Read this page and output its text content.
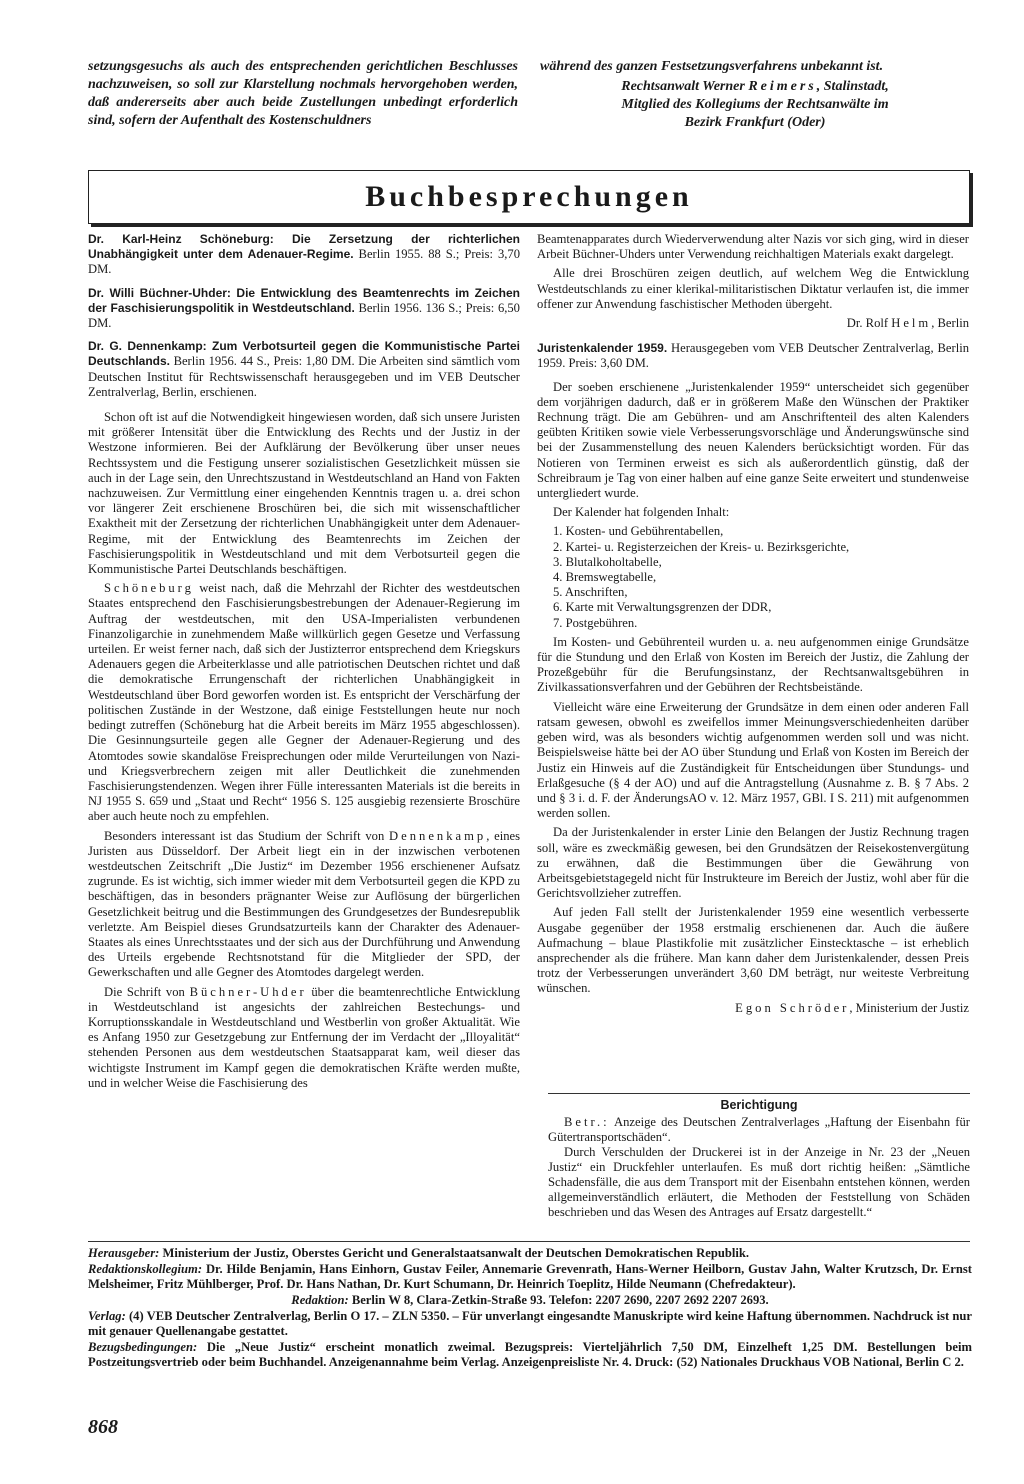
setzungsgesuchs als auch des entsprechenden gerichtlichen Beschlusses nachzuweisen, so soll zur Klarstellung nochmals hervorgehoben werden, daß andererseits aber auch beide Zustellungen unbedingt erforderlich sind, sofern der Aufenthalt des Kostenschuldners

während des ganzen Festsetzungsverfahrens unbekannt ist.

Rechtsanwalt Werner Reimers, Stalinstadt,
Mitglied des Kollegiums der Rechtsanwälte im
Bezirk Frankfurt (Oder)
Buchbesprechungen

Dr. Karl-Heinz Schöneburg: Die Zersetzung der richterlichen Unabhängigkeit unter dem Adenauer-Regime. Berlin 1955. 88 S.; Preis: 3,70 DM.

Dr. Willi Büchner-Uhder: Die Entwicklung des Beamtenrechts im Zeichen der Faschisierungspolitik in Westdeutschland. Berlin 1956. 136 S.; Preis: 6,50 DM.

Dr. G. Dennenkamp: Zum Verbotsurteil gegen die Kommunistische Partei Deutschlands. Berlin 1956. 44 S., Preis: 1,80 DM. Die Arbeiten sind sämtlich vom Deutschen Institut für Rechtswissenschaft herausgegeben und im VEB Deutscher Zentralverlag, Berlin, erschienen.

Schon oft ist auf die Notwendigkeit hingewiesen worden, daß sich unsere Juristen mit größerer Intensität über die Entwicklung des Rechts und der Justiz in der Westzone informieren. Bei der Aufklärung der Bevölkerung über unser neues Rechtssystem und die Festigung unserer sozialistischen Gesetzlichkeit müssen sie auch in der Lage sein, den Unrechtszustand in Westdeutschland an Hand von Fakten nachzuweisen. Zur Vermittlung einer eingehenden Kenntnis tragen u. a. drei schon vor längerer Zeit erschienene Broschüren bei, die sich mit wissenschaftlicher Exaktheit mit der Zersetzung der richterlichen Unabhängigkeit unter dem Adenauer-Regime, mit der Entwicklung des Beamtenrechts im Zeichen der Faschisierungspolitik in Westdeutschland und mit dem Verbotsurteil gegen die Kommunistische Partei Deutschlands beschäftigen.

Schöneburg weist nach, daß die Mehrzahl der Richter des westdeutschen Staates entsprechend den Faschisierungsbestrebungen der Adenauer-Regierung im Auftrag der westdeutschen, mit den USA-Imperialisten verbundenen Finanzoligarchie in zunehmendem Maße willkürlich gegen Gesetze und Verfassung urteilen. Er weist ferner nach, daß sich der Justizterror entsprechend dem Kriegskurs Adenauers gegen die Arbeiterklasse und alle patriotischen Deutschen richtet und daß die demokratische Errungenschaft der richterlichen Unabhängigkeit in Westdeutschland über Bord geworfen worden ist. Es entspricht der Verschärfung der politischen Zustände in der Westzone, daß einige Feststellungen heute nur noch bedingt zutreffen (Schöneburg hat die Arbeit bereits im März 1955 abgeschlossen). Die Gesinnungsurteile gegen alle Gegner der Adenauer-Regierung und des Atomtodes sowie skandalöse Freisprechungen oder milde Verurteilungen von Nazi- und Kriegsverbrechern zeigen mit aller Deutlichkeit die zunehmenden Faschisierungstendenzen. Wegen ihrer Fülle interessanten Materials ist die bereits in NJ 1955 S. 659 und „Staat und Recht“ 1956 S. 125 ausgiebig rezensierte Broschüre aber auch heute noch zu empfehlen.

Besonders interessant ist das Studium der Schrift von Dennenkamp, eines Juristen aus Düsseldorf. Der Arbeit liegt ein in der inzwischen verbotenen westdeutschen Zeitschrift „Die Justiz“ im Dezember 1956 erschienener Aufsatz zugrunde. Es ist wichtig, sich immer wieder mit dem Verbotsurteil gegen die KPD zu beschäftigen, das in besonders prägnanter Weise zur Auflösung der bürgerlichen Gesetzlichkeit beitrug und die Bestimmungen des Grundgesetzes der Bundesrepublik verletzte. Am Beispiel dieses Grundsatzurteils kann der Charakter des Adenauer-Staates als eines Unrechtsstaates und der sich aus der Durchführung und Anwendung des Urteils ergebende Rechtsnotstand für die Mitglieder der SPD, der Gewerkschaften und alle Gegner des Atomtodes dargelegt werden.

Die Schrift von Büchner-Uhder über die beamtenrechtliche Entwicklung in Westdeutschland ist angesichts der zahlreichen Bestechungs- und Korruptionsskandale in Westdeutschland und Westberlin von großer Aktualität. Wie es Anfang 1950 zur Gesetzgebung zur Entfernung der im Verdacht der „Illoyalität“ stehenden Personen aus dem westdeutschen Staatsapparat kam, weil dieser das wichtigste Instrument im Kampf gegen die demokratischen Kräfte werden mußte, und in welcher Weise die Faschisierung des

Beamtenapparates durch Wiederverwendung alter Nazis vor sich ging, wird in dieser Arbeit Büchner-Uhders unter Verwendung reichhaltigen Materials exakt dargelegt.

Alle drei Broschüren zeigen deutlich, auf welchem Weg die Entwicklung Westdeutschlands zu einer klerikal-militaristischen Diktatur verlaufen ist, die immer offener zur Anwendung faschistischer Methoden übergeht.

Dr. Rolf Helm, Berlin

Juristenkalender 1959. Herausgegeben vom VEB Deutscher Zentralverlag, Berlin 1959. Preis: 3,60 DM.

Der soeben erschienene „Juristenkalender 1959“ unterscheidet sich gegenüber dem vorjährigen dadurch, daß er in größerem Maße den Wünschen der Praktiker Rechnung trägt. Die am Gebühren- und am Anschriftenteil des alten Kalenders geübten Kritiken sowie viele Verbesserungsvorschläge und Änderungswünsche sind bei der Zusammenstellung des neuen Kalenders berücksichtigt worden. Für das Notieren von Terminen erweist es sich als außerordentlich günstig, daß der Schreibraum je Tag von einer halben auf eine ganze Seite erweitert und stundenweise untergliedert wurde.

Der Kalender hat folgenden Inhalt:

1. Kosten- und Gebührentabellen,
2. Kartei- u. Registerzeichen der Kreis- u. Bezirksgerichte,
3. Blutalkoholtabelle,
4. Bremswegtabelle,
5. Anschriften,
6. Karte mit Verwaltungsgrenzen der DDR,
7. Postgebühren.

Im Kosten- und Gebührenteil wurden u. a. neu aufgenommen einige Grundsätze für die Stundung und den Erlaß von Kosten im Bereich der Justiz, die Zahlung der Prozeßgebühr für die Berufungsinstanz, der Rechtsanwaltsgebühren in Zivilkassationsverfahren und der Gebühren der Rechtsbeistände.

Vielleicht wäre eine Erweiterung der Grundsätze in dem einen oder anderen Fall ratsam gewesen, obwohl es zweifellos immer Meinungsverschiedenheiten darüber geben wird, was als besonders wichtig aufgenommen werden soll und was nicht. Beispielsweise hätte bei der AO über Stundung und Erlaß von Kosten im Bereich der Justiz ein Hinweis auf die Zuständigkeit für Entscheidungen über Stundungs- und Erlaßgesuche (§ 4 der AO) und auf die Antragstellung (Ausnahme z. B. § 7 Abs. 2 und § 3 i. d. F. der ÄnderungsAO v. 12. März 1957, GBl. I S. 211) mit aufgenommen werden sollen.

Da der Juristenkalender in erster Linie den Belangen der Justiz Rechnung tragen soll, wäre es zweckmäßig gewesen, bei den Grundsätzen der Reisekostenvergütung zu erwähnen, daß die Bestimmungen über die Gewährung von Arbeitsgebietstagegeld nicht für Instrukteure im Bereich der Justiz, wohl aber für die Gerichtsvollzieher zutreffen.

Auf jeden Fall stellt der Juristenkalender 1959 eine wesentlich verbesserte Ausgabe gegenüber der 1958 erstmalig erschienenen dar. Auch die äußere Aufmachung – blaue Plastikfolie mit zusätzlicher Einstecktasche – ist erheblich ansprechender als die frühere. Man kann daher dem Juristenkalender, dessen Preis trotz der Verbesserungen unverändert 3,60 DM beträgt, nur weiteste Verbreitung wünschen.

Egon Schröder, Ministerium der Justiz

Berichtigung

Betr.: Anzeige des Deutschen Zentralverlages „Haftung der Eisenbahn für Gütertransportschäden“.

Durch Verschulden der Druckerei ist in der Anzeige in Nr. 23 der „Neuen Justiz“ ein Druckfehler unterlaufen. Es muß dort richtig heißen: „Sämtliche Schadensfälle, die aus dem Transport mit der Eisenbahn entstehen können, werden allgemeinverständlich erläutert, die Methoden der Feststellung von Schäden beschrieben und das Wesen des Antrages auf Ersatz dargestellt.“

Herausgeber: Ministerium der Justiz, Oberstes Gericht und Generalstaatsanwalt der Deutschen Demokratischen Republik.

Redaktionskollegium: Dr. Hilde Benjamin, Hans Einhorn, Gustav Feiler, Annemarie Grevenrath, Hans-Werner Heilborn, Gustav Jahn, Walter Krutzsch, Dr. Ernst Melsheimer, Fritz Mühlberger, Prof. Dr. Hans Nathan, Dr. Kurt Schumann, Dr. Heinrich Toeplitz, Hilde Neumann (Chefredakteur).

Redaktion: Berlin W 8, Clara-Zetkin-Straße 93. Telefon: 2207 2690, 2207 2692 2207 2693.

Verlag: (4) VEB Deutscher Zentralverlag, Berlin O 17. – ZLN 5350. – Für unverlangt eingesandte Manuskripte wird keine Haftung übernommen. Nachdruck ist nur mit genauer Quellenangabe gestattet.

Bezugsbedingungen: Die „Neue Justiz“ erscheint monatlich zweimal. Bezugspreis: Vierteljährlich 7,50 DM, Einzelheft 1,25 DM. Bestellungen beim Postzeitungsvertrieb oder beim Buchhandel. Anzeigenannahme beim Verlag. Anzeigenpreisliste Nr. 4. Druck: (52) Nationales Druckhaus VOB National, Berlin C 2.

868
